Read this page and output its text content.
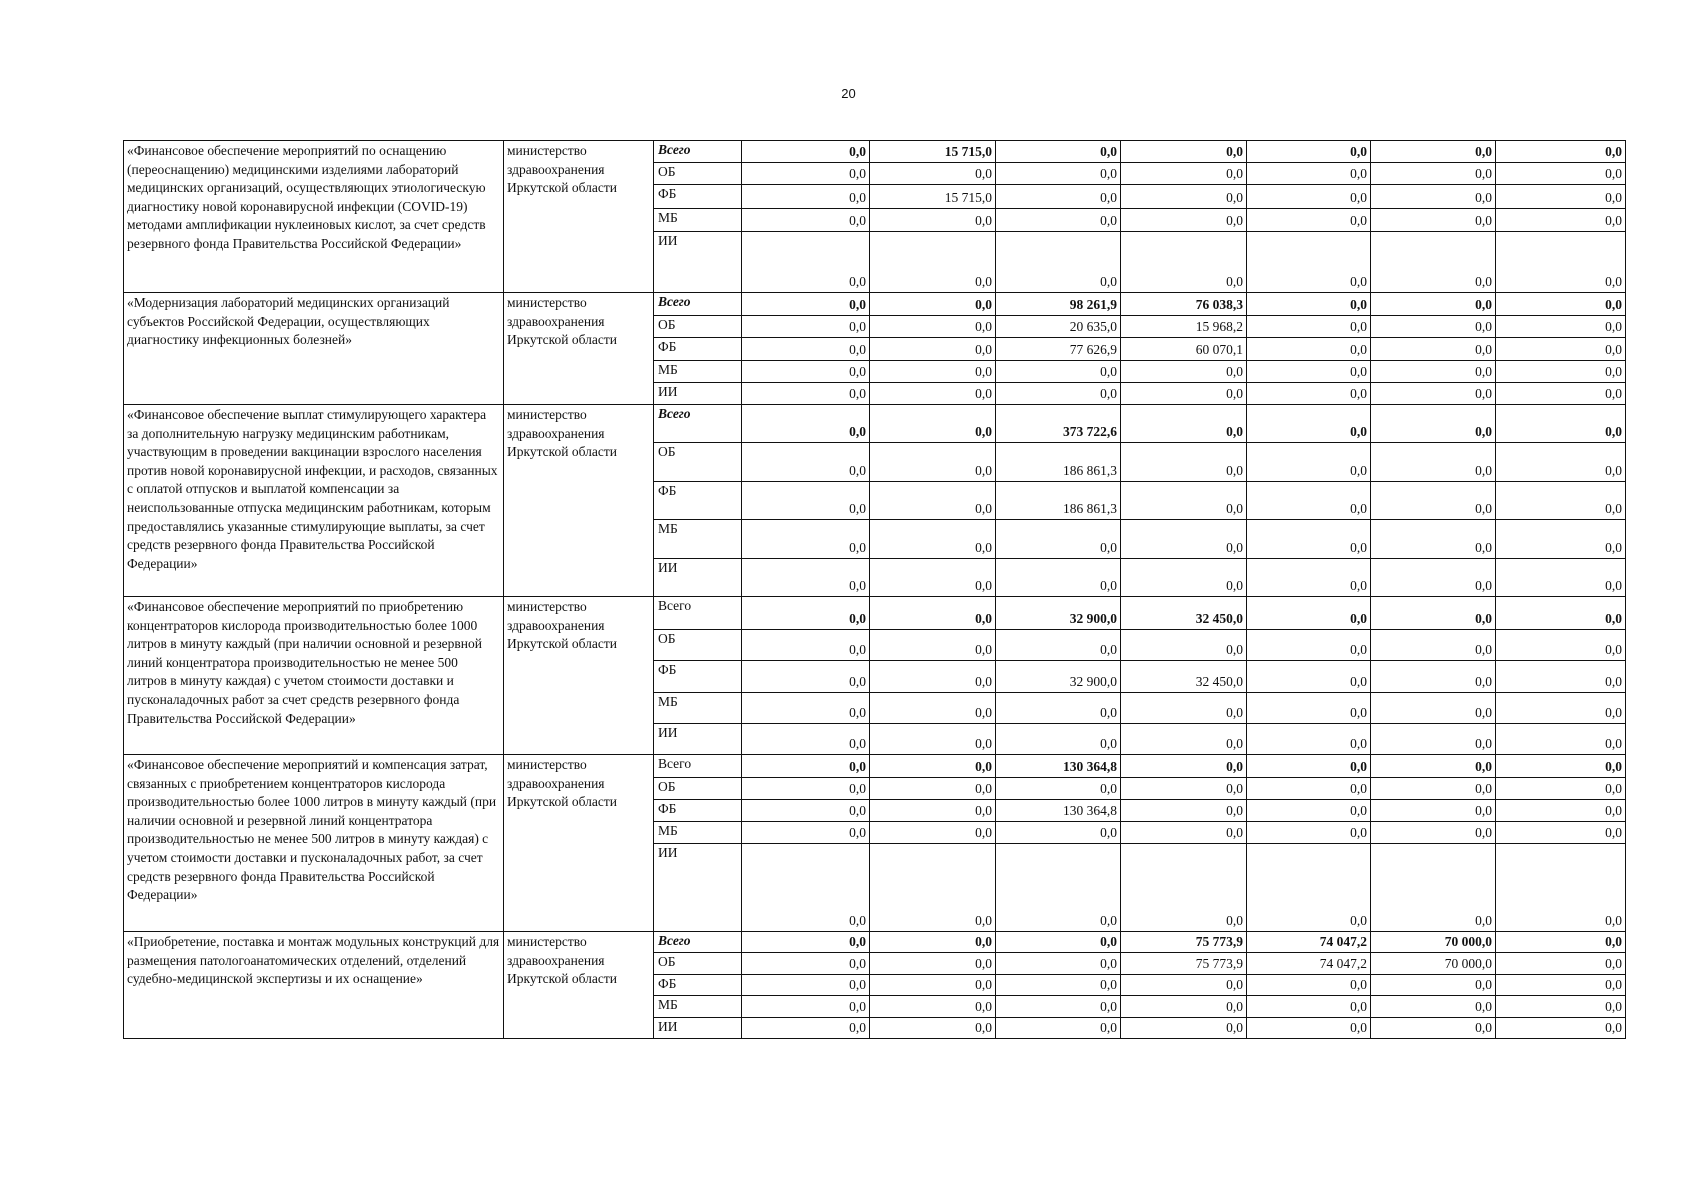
20
«Финансовое обеспечение мероприятий по оснащению (переоснащению) медицинскими изделиями лабораторий медицинских организаций, осуществляющих этиологическую диагностику новой коронавирусной инфекции (COVID-19) методами амплификации нуклеиновых кислот, за счет средств резервного фонда Правительства Российской Федерации»	министерство здравоохранения Иркутской области	Всего	0,0	15 715,0	0,0	0,0	0,0	0,0	0,0
		ОБ	0,0	0,0	0,0	0,0	0,0	0,0	0,0
		ФБ	0,0	15 715,0	0,0	0,0	0,0	0,0	0,0
		МБ	0,0	0,0	0,0	0,0	0,0	0,0	0,0
		ИИ	0,0	0,0	0,0	0,0	0,0	0,0	0,0
«Модернизация лабораторий медицинских организаций субъектов Российской Федерации, осуществляющих диагностику инфекционных болезней»	министерство здравоохранения Иркутской области	Всего	0,0	0,0	98 261,9	76 038,3	0,0	0,0	0,0
		ОБ	0,0	0,0	20 635,0	15 968,2	0,0	0,0	0,0
		ФБ	0,0	0,0	77 626,9	60 070,1	0,0	0,0	0,0
		МБ	0,0	0,0	0,0	0,0	0,0	0,0	0,0
		ИИ	0,0	0,0	0,0	0,0	0,0	0,0	0,0
«Финансовое обеспечение выплат стимулирующего характера за дополнительную нагрузку медицинским работникам, участвующим в проведении вакцинации взрослого населения против новой коронавирусной инфекции, и расходов, связанных с оплатой отпусков и выплатой компенсации за неиспользованные отпуска медицинским работникам, которым предоставлялись указанные стимулирующие выплаты, за счет средств резервного фонда Правительства Российской Федерации»	министерство здравоохранения Иркутской области	Всего	0,0	0,0	373 722,6	0,0	0,0	0,0	0,0
		ОБ	0,0	0,0	186 861,3	0,0	0,0	0,0	0,0
		ФБ	0,0	0,0	186 861,3	0,0	0,0	0,0	0,0
		МБ	0,0	0,0	0,0	0,0	0,0	0,0	0,0
		ИИ	0,0	0,0	0,0	0,0	0,0	0,0	0,0
«Финансовое обеспечение мероприятий по приобретению концентраторов кислорода производительностью более 1000 литров в минуту каждый (при наличии основной и резервной линий концентратора производительностью не менее 500 литров в минуту каждая) с учетом стоимости доставки и пусконаладочных работ за счет средств резервного фонда Правительства Российской Федерации»	министерство здравоохранения Иркутской области	Всего	0,0	0,0	32 900,0	32 450,0	0,0	0,0	0,0
		ОБ	0,0	0,0	0,0	0,0	0,0	0,0	0,0
		ФБ	0,0	0,0	32 900,0	32 450,0	0,0	0,0	0,0
		МБ	0,0	0,0	0,0	0,0	0,0	0,0	0,0
		ИИ	0,0	0,0	0,0	0,0	0,0	0,0	0,0
«Финансовое обеспечение мероприятий и компенсация затрат, связанных с приобретением концентраторов кислорода производительностью более 1000 литров в минуту каждый (при наличии основной и резервной линий концентратора производительностью не менее 500 литров в минуту каждая) с учетом стоимости доставки и пусконаладочных работ, за счет средств резервного фонда Правительства Российской Федерации»	министерство здравоохранения Иркутской области	Всего	0,0	0,0	130 364,8	0,0	0,0	0,0	0,0
		ОБ	0,0	0,0	0,0	0,0	0,0	0,0	0,0
		ФБ	0,0	0,0	130 364,8	0,0	0,0	0,0	0,0
		МБ	0,0	0,0	0,0	0,0	0,0	0,0	0,0
		ИИ	0,0	0,0	0,0	0,0	0,0	0,0	0,0
«Приобретение, поставка и монтаж модульных конструкций для размещения патологоанатомических отделений, отделений судебно-медицинской экспертизы и их оснащение»	министерство здравоохранения Иркутской области	Всего	0,0	0,0	0,0	75 773,9	74 047,2	70 000,0	0,0
		ОБ	0,0	0,0	0,0	75 773,9	74 047,2	70 000,0	0,0
		ФБ	0,0	0,0	0,0	0,0	0,0	0,0	0,0
		МБ	0,0	0,0	0,0	0,0	0,0	0,0	0,0
		ИИ	0,0	0,0	0,0	0,0	0,0	0,0	0,0
